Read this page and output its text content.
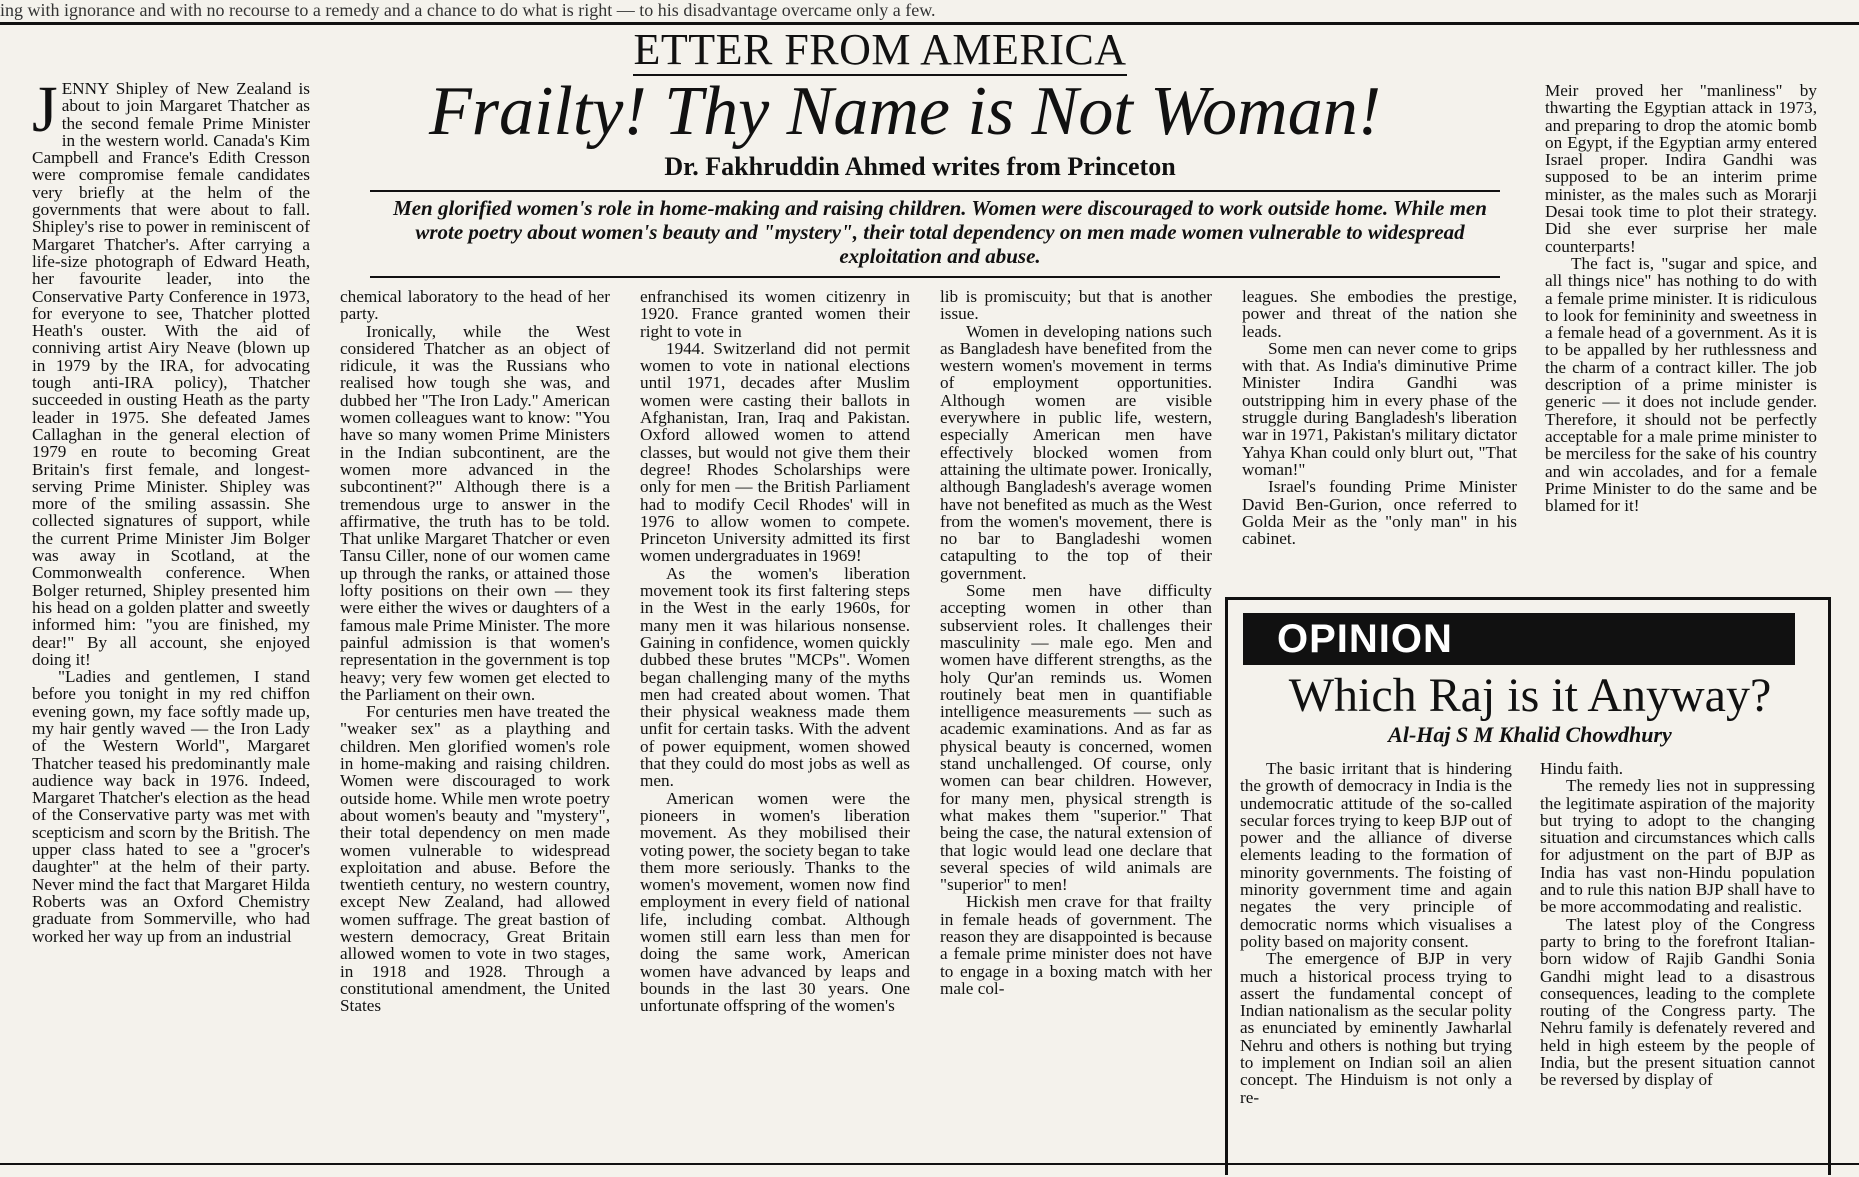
ing with ignorance and with no recourse to a remedy and a chance to do what is right — to his disadvantage overcame only a few.
ETTER FROM AMERICA
Frailty! Thy Name is Not Woman!
Dr. Fakhruddin Ahmed writes from Princeton
Men glorified women's role in home-making and raising children. Women were discouraged to work outside home. While men wrote poetry about women's beauty and "mystery", their total dependency on men made women vulnerable to widespread exploitation and abuse.

JENNY Shipley of New Zealand is about to join Margaret Thatcher as the second female Prime Minister in the western world. Canada's Kim Campbell and France's Edith Cresson were compromise female candidates very briefly at the helm of the governments that were about to fall. Shipley's rise to power in reminiscent of Margaret Thatcher's. After carrying a life-size photograph of Edward Heath, her favourite leader, into the Conservative Party Conference in 1973, for everyone to see, Thatcher plotted Heath's ouster. With the aid of conniving artist Airy Neave (blown up in 1979 by the IRA, for advocating tough anti-IRA policy), Thatcher succeeded in ousting Heath as the party leader in 1975. She defeated James Callaghan in the general election of 1979 en route to becoming Great Britain's first female, and longest-serving Prime Minister. Shipley was more of the smiling assassin. She collected signatures of support, while the current Prime Minister Jim Bolger was away in Scotland, at the Commonwealth conference. When Bolger returned, Shipley presented him his head on a golden platter and sweetly informed him: "you are finished, my dear!" By all account, she enjoyed doing it!

"Ladies and gentlemen, I stand before you tonight in my red chiffon evening gown, my face softly made up, my hair gently waved — the Iron Lady of the Western World", Margaret Thatcher teased his predominantly male audience way back in 1976. Indeed, Margaret Thatcher's election as the head of the Conservative party was met with scepticism and scorn by the British. The upper class hated to see a "grocer's daughter" at the helm of their party. Never mind the fact that Margaret Hilda Roberts was an Oxford Chemistry graduate from Sommerville, who had worked her way up from an industrial

chemical laboratory to the head of her party.

Ironically, while the West considered Thatcher as an object of ridicule, it was the Russians who realised how tough she was, and dubbed her "The Iron Lady." American women colleagues want to know: "You have so many women Prime Ministers in the Indian subcontinent, are the women more advanced in the subcontinent?" Although there is a tremendous urge to answer in the affirmative, the truth has to be told. That unlike Margaret Thatcher or even Tansu Ciller, none of our women came up through the ranks, or attained those lofty positions on their own — they were either the wives or daughters of a famous male Prime Minister. The more painful admission is that women's representation in the government is top heavy; very few women get elected to the Parliament on their own.

For centuries men have treated the "weaker sex" as a plaything and children. Men glorified women's role in home-making and raising children. Women were discouraged to work outside home. While men wrote poetry about women's beauty and "mystery", their total dependency on men made women vulnerable to widespread exploitation and abuse. Before the twentieth century, no western country, except New Zealand, had allowed women suffrage. The great bastion of western democracy, Great Britain allowed women to vote in two stages, in 1918 and 1928. Through a constitutional amendment, the United States

enfranchised its women citizenry in 1920. France granted women their right to vote in

1944. Switzerland did not permit women to vote in national elections until 1971, decades after Muslim women were casting their ballots in Afghanistan, Iran, Iraq and Pakistan. Oxford allowed women to attend classes, but would not give them their degree! Rhodes Scholarships were only for men — the British Parliament had to modify Cecil Rhodes' will in 1976 to allow women to compete. Princeton University admitted its first women undergraduates in 1969!

As the women's liberation movement took its first faltering steps in the West in the early 1960s, for many men it was hilarious nonsense. Gaining in confidence, women quickly dubbed these brutes "MCPs". Women began challenging many of the myths men had created about women. That their physical weakness made them unfit for certain tasks. With the advent of power equipment, women showed that they could do most jobs as well as men.

American women were the pioneers in women's liberation movement. As they mobilised their voting power, the society began to take them more seriously. Thanks to the women's movement, women now find employment in every field of national life, including combat. Although women still earn less than men for doing the same work, American women have advanced by leaps and bounds in the last 30 years. One unfortunate offspring of the women's

lib is promiscuity; but that is another issue.

Women in developing nations such as Bangladesh have benefited from the western women's movement in terms of employment opportunities. Although women are visible everywhere in public life, western, especially American men have effectively blocked women from attaining the ultimate power. Ironically, although Bangladesh's average women have not benefited as much as the West from the women's movement, there is no bar to Bangladeshi women catapulting to the top of their government.

Some men have difficulty accepting women in other than subservient roles. It challenges their masculinity — male ego. Men and women have different strengths, as the holy Qur'an reminds us. Women routinely beat men in quantifiable intelligence measurements — such as academic examinations. And as far as physical beauty is concerned, women stand unchallenged. Of course, only women can bear children. However, for many men, physical strength is what makes them "superior." That being the case, the natural extension of that logic would lead one declare that several species of wild animals are "superior" to men!

Hickish men crave for that frailty in female heads of government. The reason they are disappointed is because a female prime minister does not have to engage in a boxing match with her male col-

leagues. She embodies the prestige, power and threat of the nation she leads.

Some men can never come to grips with that. As India's diminutive Prime Minister Indira Gandhi was outstripping him in every phase of the struggle during Bangladesh's liberation war in 1971, Pakistan's military dictator Yahya Khan could only blurt out, "That woman!"

Israel's founding Prime Minister David Ben-Gurion, once referred to Golda Meir as the "only man" in his cabinet.

Meir proved her "manliness" by thwarting the Egyptian attack in 1973, and preparing to drop the atomic bomb on Egypt, if the Egyptian army entered Israel proper. Indira Gandhi was supposed to be an interim prime minister, as the males such as Morarji Desai took time to plot their strategy. Did she ever surprise her male counterparts!

The fact is, "sugar and spice, and all things nice" has nothing to do with a female prime minister. It is ridiculous to look for femininity and sweetness in a female head of a government. As it is to be appalled by her ruthlessness and the charm of a contract killer. The job description of a prime minister is generic — it does not include gender. Therefore, it should not be perfectly acceptable for a male prime minister to be merciless for the sake of his country and win accolades, and for a female Prime Minister to do the same and be blamed for it!

OPINION
Which Raj is it Anyway?
Al-Haj S M Khalid Chowdhury

The basic irritant that is hindering the growth of democracy in India is the undemocratic attitude of the so-called secular forces trying to keep BJP out of power and the alliance of diverse elements leading to the formation of minority governments. The foisting of minority government time and again negates the very principle of democratic norms which visualises a polity based on majority consent.

The emergence of BJP in very much a historical process trying to assert the fundamental concept of Indian nationalism as the secular polity as enunciated by eminently Jawharlal Nehru and others is nothing but trying to implement on Indian soil an alien concept. The Hinduism is not only a re-

Hindu faith.

The remedy lies not in suppressing the legitimate aspiration of the majority but trying to adopt to the changing situation and circumstances which calls for adjustment on the part of BJP as India has vast non-Hindu population and to rule this nation BJP shall have to be more accommodating and realistic.

The latest ploy of the Congress party to bring to the forefront Italian-born widow of Rajib Gandhi Sonia Gandhi might lead to a disastrous consequences, leading to the complete routing of the Congress party. The Nehru family is defenately revered and held in high esteem by the people of India, but the present situation cannot be reversed by display of
